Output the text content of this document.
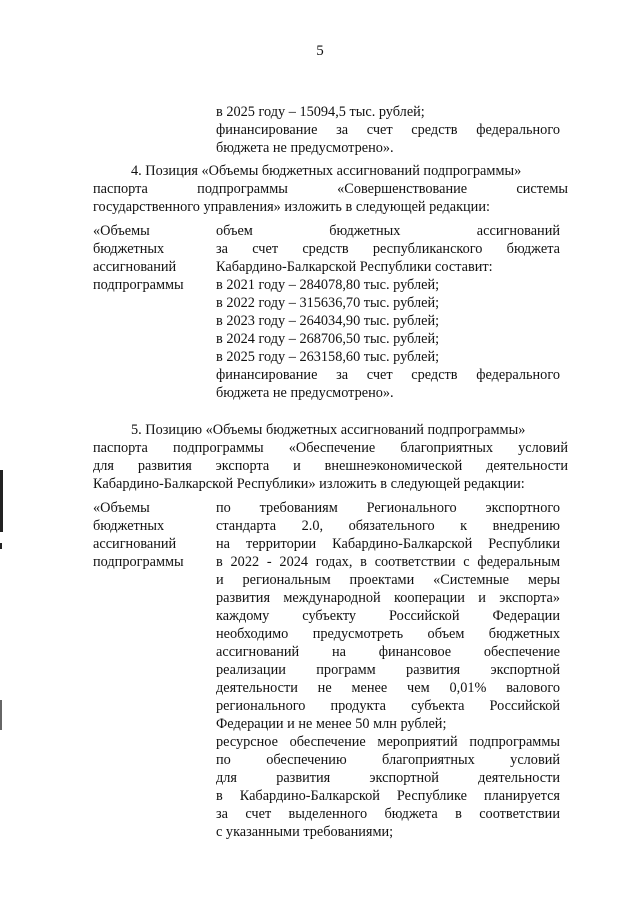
5

в 2025 году – 15094,5 тыс. рублей;

финансирование за счет средств федерального

бюджета не предусмотрено».

4. Позиция «Объемы бюджетных ассигнований подпрограммы»

паспорта подпрограммы «Совершенствование системы

государственного управления» изложить в следующей редакции:

«Объемы

бюджетных

ассигнований

подпрограммы

объем бюджетных ассигнований

за счет средств республиканского бюджета

Кабардино-Балкарской Республики составит:

в 2021 году – 284078,80 тыс. рублей;

в 2022 году – 315636,70 тыс. рублей;

в 2023 году – 264034,90 тыс. рублей;

в 2024 году – 268706,50 тыс. рублей;

в 2025 году – 263158,60 тыс. рублей;

финансирование за счет средств федерального

бюджета не предусмотрено».

5. Позицию «Объемы бюджетных ассигнований подпрограммы»

паспорта подпрограммы «Обеспечение благоприятных условий

для развития экспорта и внешнеэкономической деятельности

Кабардино-Балкарской Республики» изложить в следующей редакции:

«Объемы

бюджетных

ассигнований

подпрограммы

по требованиям Регионального экспортного

стандарта 2.0, обязательного к внедрению

на территории Кабардино-Балкарской Республики

в 2022 - 2024 годах, в соответствии с федеральным

и региональным проектами «Системные меры

развития международной кооперации и экспорта»

каждому субъекту Российской Федерации

необходимо предусмотреть объем бюджетных

ассигнований на финансовое обеспечение

реализации программ развития экспортной

деятельности не менее чем 0,01% валового

регионального продукта субъекта Российской

Федерации и не менее 50 млн рублей;

ресурсное обеспечение мероприятий подпрограммы

по обеспечению благоприятных условий

для развития экспортной деятельности

в Кабардино-Балкарской Республике планируется

за счет выделенного бюджета в соответствии

с указанными требованиями;
